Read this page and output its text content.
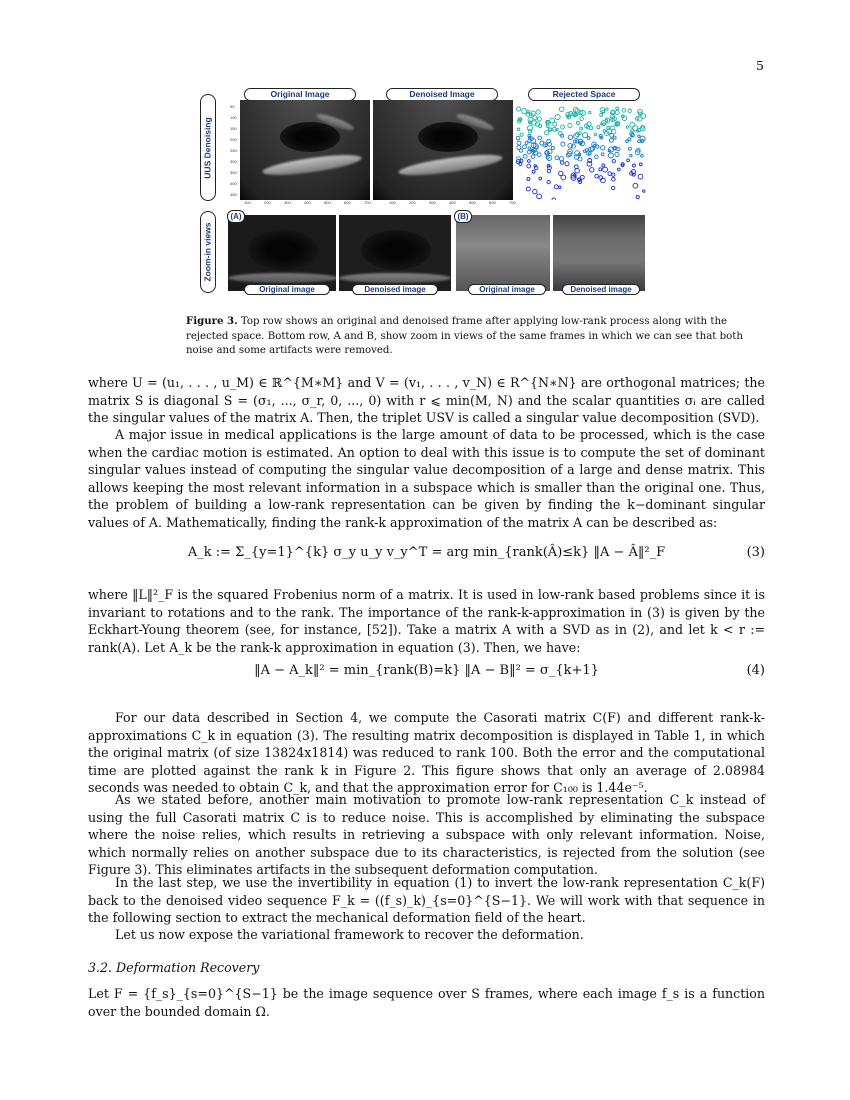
5
UUS Denoising
Zoom-in views
Original Image	Denoised Image	Rejected Space
50
100
150
200
250
300
350
400
450
100	200	300	400	500	600	700	100	200	300	400	500	600	700
(A)	(B)
Original image	Denoised image	Original image	Denoised image
Figure 3. Top row shows an original and denoised frame after applying low-rank process along with the rejected space. Bottom row, A and B, show zoom in views of the same frames in which we can see that both noise and some artifacts were removed.
where U = (u₁, . . . , u_M) ∈ ℝ^{M∗M} and V = (v₁, . . . , v_N) ∈ R^{N∗N} are orthogonal matrices; the matrix S is diagonal S = (σ₁, ..., σ_r, 0, ..., 0) with r ⩽ min(M, N) and the scalar quantities σᵢ are called the singular values of the matrix A. Then, the triplet USV is called a singular value decomposition (SVD).
A major issue in medical applications is the large amount of data to be processed, which is the case when the cardiac motion is estimated. An option to deal with this issue is to compute the set of dominant singular values instead of computing the singular value decomposition of a large and dense matrix. This allows keeping the most relevant information in a subspace which is smaller than the original one. Thus, the problem of building a low-rank representation can be given by finding the k−dominant singular values of A. Mathematically, finding the rank-k approximation of the matrix A can be described as:
A_k := Σ_{y=1}^{k} σ_y u_y v_y^T = arg min_{rank(Â)≤k} ‖A − Â‖²_F	(3)
where ‖L‖²_F is the squared Frobenius norm of a matrix. It is used in low-rank based problems since it is invariant to rotations and to the rank. The importance of the rank-k-approximation in (3) is given by the Eckhart-Young theorem (see, for instance, [52]). Take a matrix A with a SVD as in (2), and let k < r := rank(A). Let A_k be the rank-k approximation in equation (3). Then, we have:
‖A − A_k‖² = min_{rank(B)=k} ‖A − B‖² = σ_{k+1}	(4)
For our data described in Section 4, we compute the Casorati matrix C(F) and different rank-k-approximations C_k in equation (3). The resulting matrix decomposition is displayed in Table 1, in which the original matrix (of size 13824x1814) was reduced to rank 100. Both the error and the computational time are plotted against the rank k in Figure 2. This figure shows that only an average of 2.08984 seconds was needed to obtain C_k, and that the approximation error for C₁₀₀ is 1.44e⁻⁵.
As we stated before, another main motivation to promote low-rank representation C_k instead of using the full Casorati matrix C is to reduce noise. This is accomplished by eliminating the subspace where the noise relies, which results in retrieving a subspace with only relevant information. Noise, which normally relies on another subspace due to its characteristics, is rejected from the solution (see Figure 3). This eliminates artifacts in the subsequent deformation computation.
In the last step, we use the invertibility in equation (1) to invert the low-rank representation C_k(F) back to the denoised video sequence F_k = ((f_s)_k)_{s=0}^{S−1}. We will work with that sequence in the following section to extract the mechanical deformation field of the heart.
Let us now expose the variational framework to recover the deformation.
3.2. Deformation Recovery
Let F = {f_s}_{s=0}^{S−1} be the image sequence over S frames, where each image f_s is a function over the bounded domain Ω.
